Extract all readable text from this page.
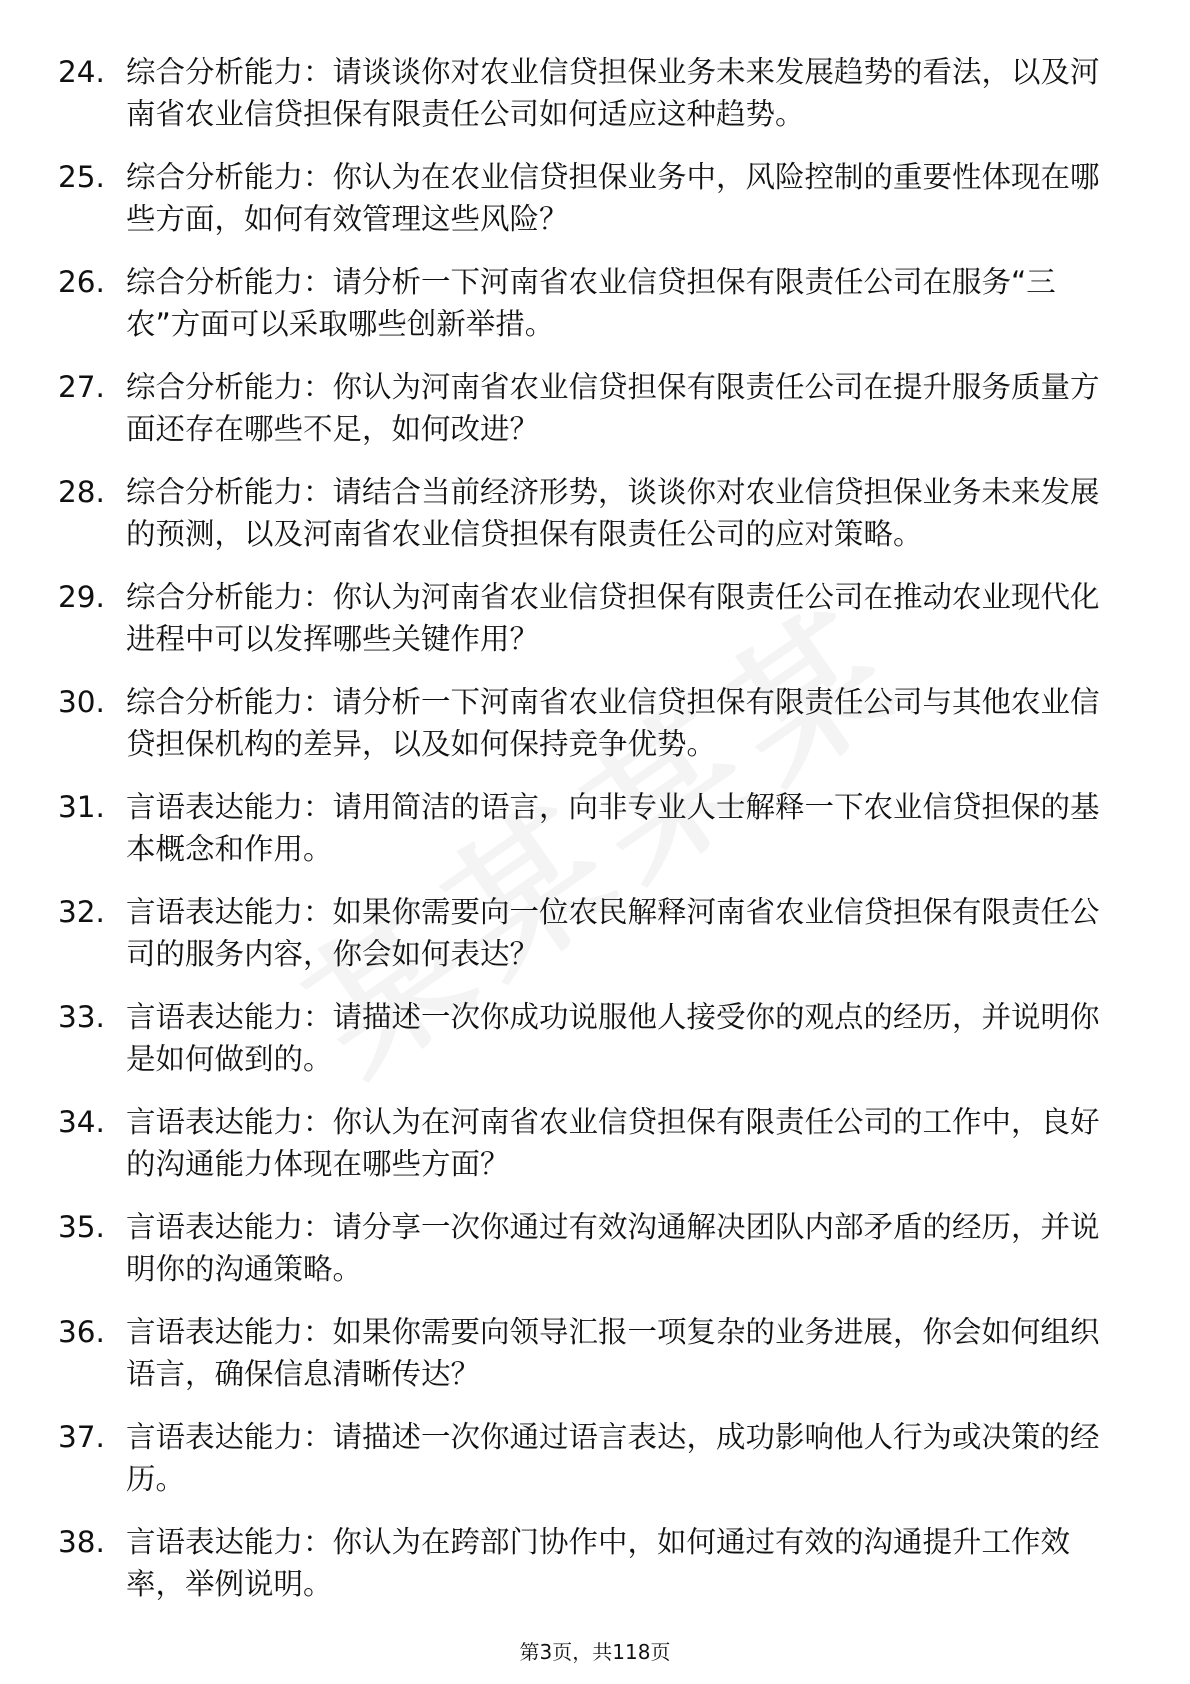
24. 综合分析能力：请谈谈你对农业信贷担保业务未来发展趋势的看法，以及河南省农业信贷担保有限责任公司如何适应这种趋势。
25. 综合分析能力：你认为在农业信贷担保业务中，风险控制的重要性体现在哪些方面，如何有效管理这些风险？
26. 综合分析能力：请分析一下河南省农业信贷担保有限责任公司在服务“三农”方面可以采取哪些创新举措。
27. 综合分析能力：你认为河南省农业信贷担保有限责任公司在提升服务质量方面还存在哪些不足，如何改进？
28. 综合分析能力：请结合当前经济形势，谈谈你对农业信贷担保业务未来发展的预测，以及河南省农业信贷担保有限责任公司的应对策略。
29. 综合分析能力：你认为河南省农业信贷担保有限责任公司在推动农业现代化进程中可以发挥哪些关键作用？
30. 综合分析能力：请分析一下河南省农业信贷担保有限责任公司与其他农业信贷担保机构的差异，以及如何保持竞争优势。
31. 言语表达能力：请用简洁的语言，向非专业人士解释一下农业信贷担保的基本概念和作用。
32. 言语表达能力：如果你需要向一位农民解释河南省农业信贷担保有限责任公司的服务内容，你会如何表达？
33. 言语表达能力：请描述一次你成功说服他人接受你的观点的经历，并说明你是如何做到的。
34. 言语表达能力：你认为在河南省农业信贷担保有限责任公司的工作中，良好的沟通能力体现在哪些方面？
35. 言语表达能力：请分享一次你通过有效沟通解决团队内部矛盾的经历，并说明你的沟通策略。
36. 言语表达能力：如果你需要向领导汇报一项复杂的业务进展，你会如何组织语言，确保信息清晰传达？
37. 言语表达能力：请描述一次你通过语言表达，成功影响他人行为或决策的经历。
38. 言语表达能力：你认为在跨部门协作中，如何通过有效的沟通提升工作效率，举例说明。
第3页，共118页
